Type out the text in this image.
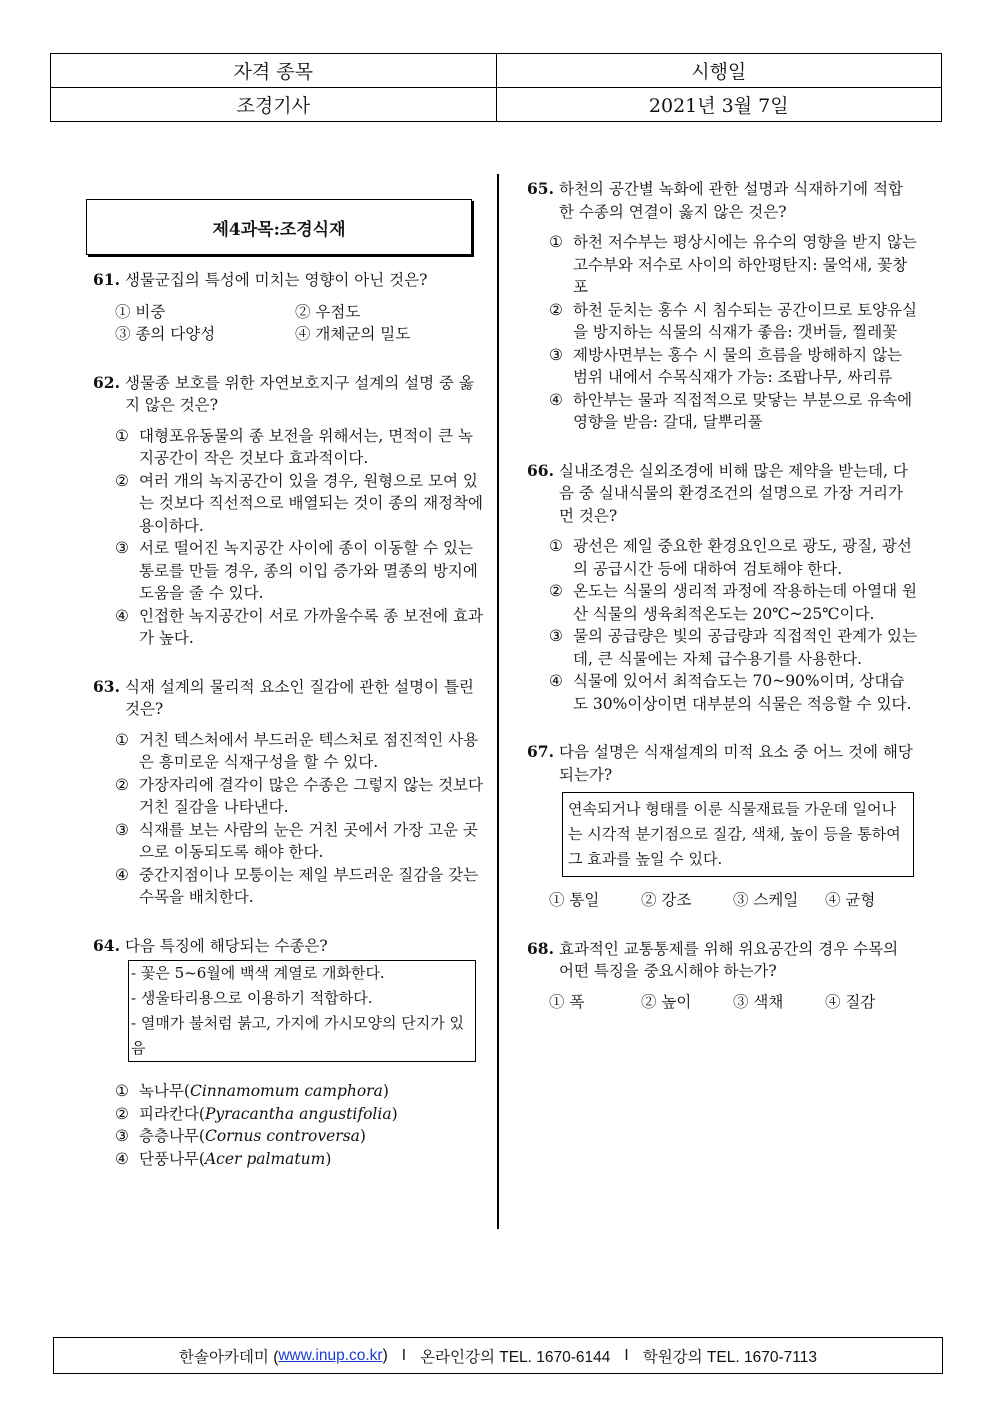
자격 종목	시행일
조경기사	2021년 3월 7일
제4과목:조경식재
61. 생물군집의 특성에 미치는 영향이 아닌 것은?
① 비중	② 우점도
③ 종의 다양성	④ 개체군의 밀도
62. 생물종 보호를 위한 자연보호지구 설계의 설명 중 옳지 않은 것은?
① 대형포유동물의 종 보전을 위해서는, 면적이 큰 녹지공간이 작은 것보다 효과적이다.
② 여러 개의 녹지공간이 있을 경우, 원형으로 모여 있는 것보다 직선적으로 배열되는 것이 종의 재정착에 용이하다.
③ 서로 떨어진 녹지공간 사이에 종이 이동할 수 있는 통로를 만들 경우, 종의 이입 증가와 멸종의 방지에 도움을 줄 수 있다.
④ 인접한 녹지공간이 서로 가까울수록 종 보전에 효과가 높다.
63. 식재 설계의 물리적 요소인 질감에 관한 설명이 틀린 것은?
① 거친 텍스처에서 부드러운 텍스처로 점진적인 사용은 흥미로운 식재구성을 할 수 있다.
② 가장자리에 결각이 많은 수종은 그렇지 않는 것보다 거친 질감을 나타낸다.
③ 식재를 보는 사람의 눈은 거친 곳에서 가장 고운 곳으로 이동되도록 해야 한다.
④ 중간지점이나 모퉁이는 제일 부드러운 질감을 갖는 수목을 배치한다.
64. 다음 특징에 해당되는 수종은?
- 꽃은 5~6월에 백색 계열로 개화한다.
- 생울타리용으로 이용하기 적합하다.
- 열매가 불처럼 붉고, 가지에 가시모양의 단지가 있음
① 녹나무(Cinnamomum camphora)
② 피라칸다(Pyracantha angustifolia)
③ 층층나무(Cornus controversa)
④ 단풍나무(Acer palmatum)
65. 하천의 공간별 녹화에 관한 설명과 식재하기에 적합한 수종의 연결이 옳지 않은 것은?
① 하천 저수부는 평상시에는 유수의 영향을 받지 않는 고수부와 저수로 사이의 하안평탄지: 물억새, 꽃창포
② 하천 둔치는 홍수 시 침수되는 공간이므로 토양유실을 방지하는 식물의 식재가 좋음: 갯버들, 찔레꽃
③ 제방사면부는 홍수 시 물의 흐름을 방해하지 않는 범위 내에서 수목식재가 가능: 조팝나무, 싸리류
④ 하안부는 물과 직접적으로 맞닿는 부분으로 유속에 영향을 받음: 갈대, 달뿌리풀
66. 실내조경은 실외조경에 비해 많은 제약을 받는데, 다음 중 실내식물의 환경조건의 설명으로 가장 거리가 먼 것은?
① 광선은 제일 중요한 환경요인으로 광도, 광질, 광선의 공급시간 등에 대하여 검토해야 한다.
② 온도는 식물의 생리적 과정에 작용하는데 아열대 원산 식물의 생육최적온도는 20℃~25℃이다.
③ 물의 공급량은 빛의 공급량과 직접적인 관계가 있는데, 큰 식물에는 자체 급수용기를 사용한다.
④ 식물에 있어서 최적습도는 70~90%이며, 상대습도 30%이상이면 대부분의 식물은 적응할 수 있다.
67. 다음 설명은 식재설계의 미적 요소 중 어느 것에 해당되는가?
연속되거나 형태를 이룬 식물재료들 가운데 일어나는 시각적 분기점으로 질감, 색채, 높이 등을 통하여 그 효과를 높일 수 있다.
① 통일	② 강조	③ 스케일	④ 균형
68. 효과적인 교통통제를 위해 위요공간의 경우 수목의 어떤 특징을 중요시해야 하는가?
① 폭	② 높이	③ 색채	④ 질감
한솔아카데미 ( www.inup.co.kr ) I 온라인강의 TEL. 1670-6144 I 학원강의 TEL. 1670-7113
